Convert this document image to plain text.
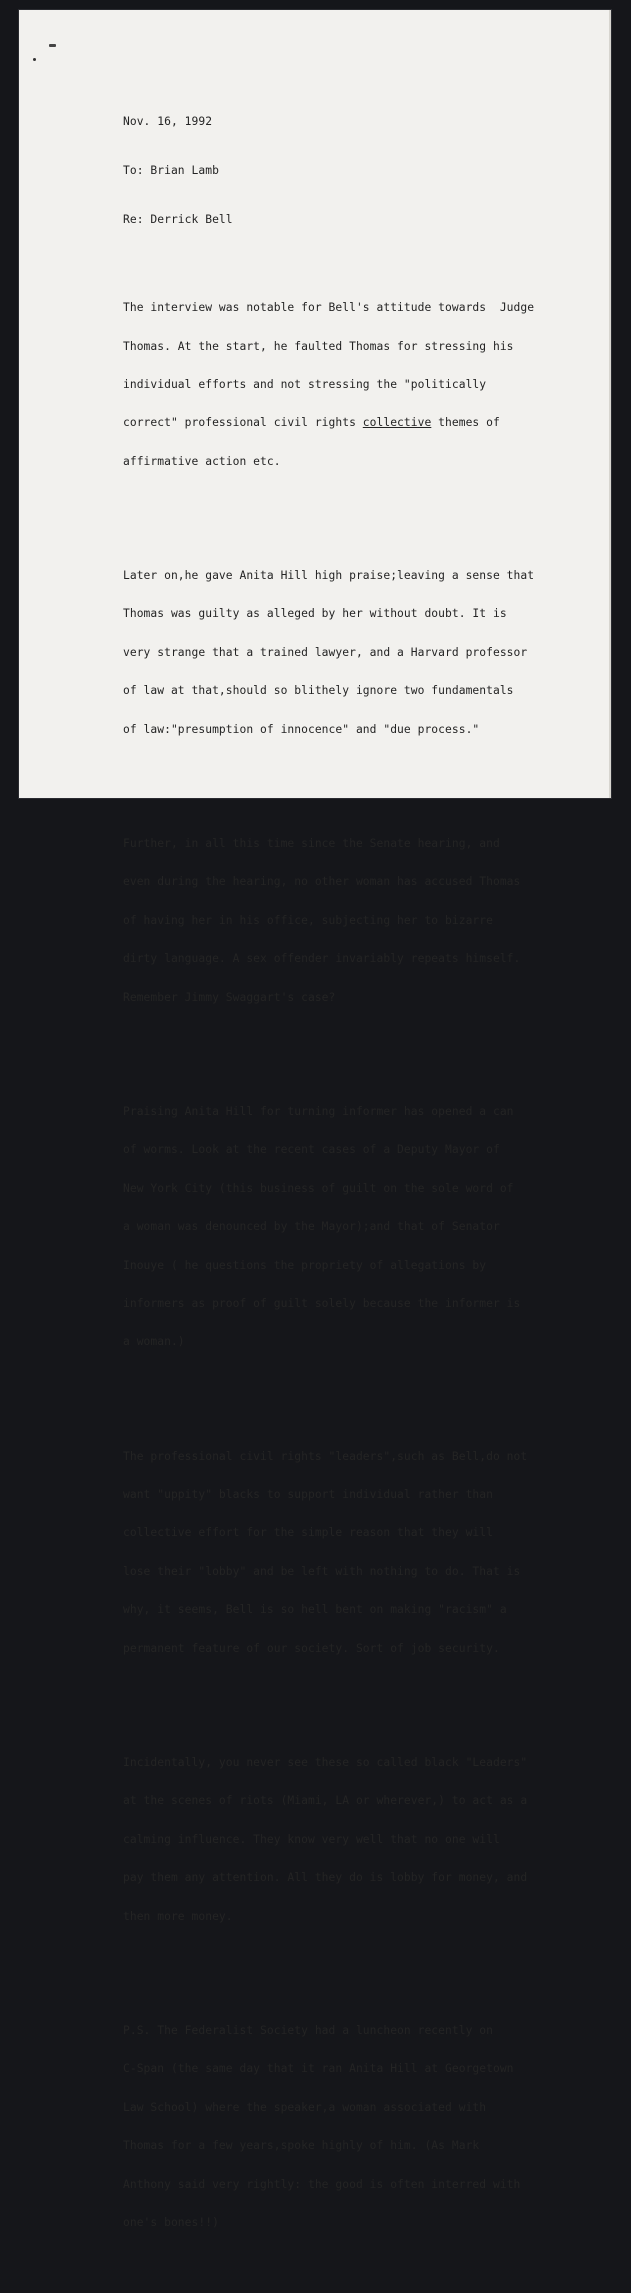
Nov. 16, 1992

To: Brian Lamb

Re: Derrick Bell

The interview was notable for Bell's attitude towards  Judge

Thomas. At the start, he faulted Thomas for stressing his

individual efforts and not stressing the "politically

correct" professional civil rights collective themes of

affirmative action etc.

Later on,he gave Anita Hill high praise;leaving a sense that

Thomas was guilty as alleged by her without doubt. It is

very strange that a trained lawyer, and a Harvard professor

of law at that,should so blithely ignore two fundamentals

of law:"presumption of innocence" and "due process."

Further, in all this time since the Senate hearing, and

even during the hearing, no other woman has accused Thomas

of having her in his office, subjecting her to bizarre

dirty language. A sex offender invariably repeats himself.

Remember Jimmy Swaggart's case?

Praising Anita Hill for turning informer has opened a can

of worms. Look at the recent cases of a Deputy Mayor of

New York City (this business of guilt on the sole word of

a woman was denounced by the Mayor);and that of Senator

Inouye ( he questions the propriety of allegations by

informers as proof of guilt solely because the informer is

a woman.)

The professional civil rights "leaders",such as Bell,do not

want "uppity" blacks to support individual rather than

collective effort for the simple reason that they will

lose their "lobby" and be left with nothing to do. That is

why, it seems, Bell is so hell bent on making "racism" a

permanent feature of our society. Sort of job security.

Incidentally, you never see these so called black "Leaders"

at the scenes of riots (Miami, LA or wherever,) to act as a

calming influence. They know very well that no one will

pay them any attention. All they do is lobby for money, and

then more money.

P.S. The Federalist Society had a luncheon recently on

C-Span (the same day that it ran Anita Hill at Georgetown

Law School) where the speaker,a woman associated with

Thomas for a few years,spoke highly of him. (As Mark

Anthony said very rightly: the good is often interred with

one's bones!!)
